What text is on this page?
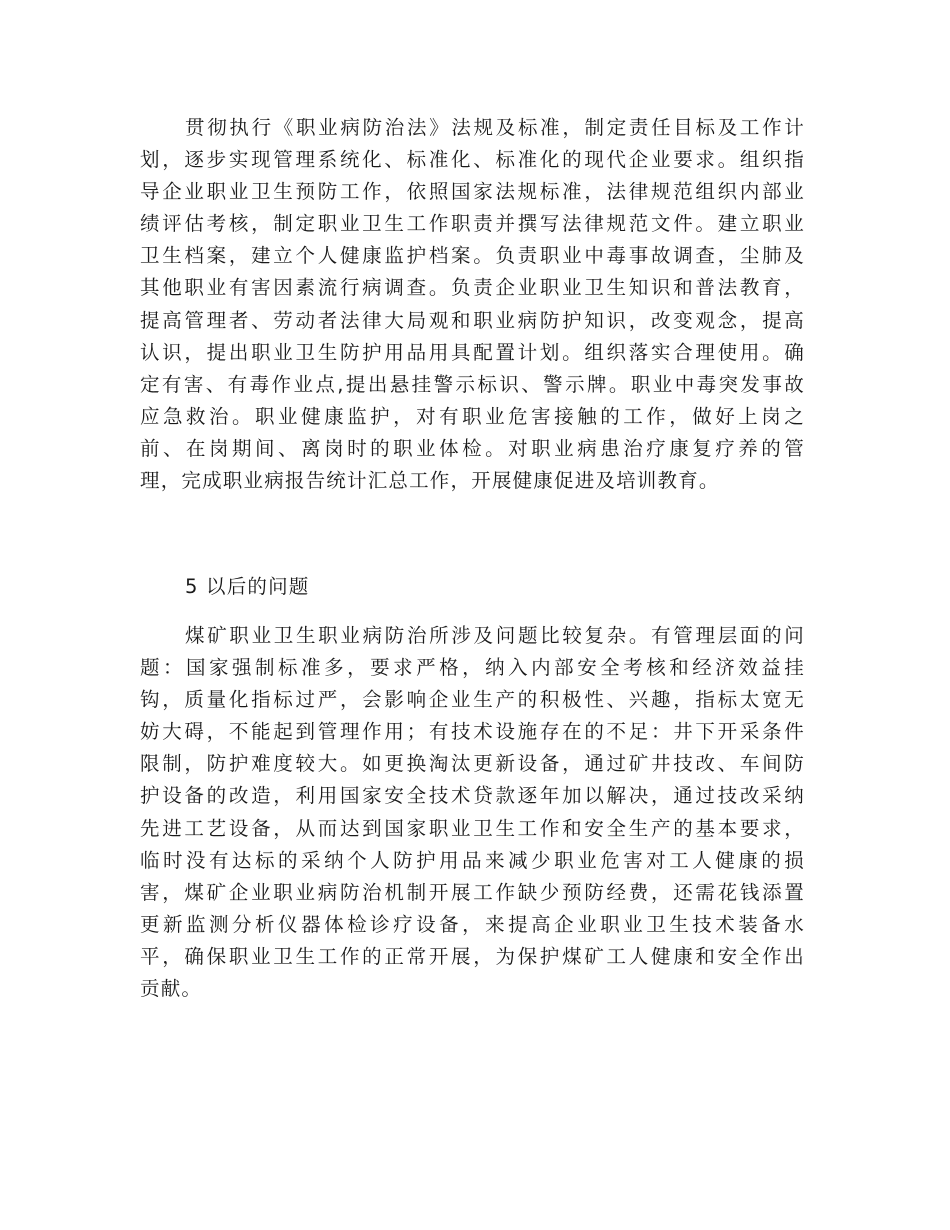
贯彻执行《职业病防治法》法规及标准，制定责任目标及工作计
划，逐步实现管理系统化、标准化、标准化的现代企业要求。组织指
导企业职业卫生预防工作，依照国家法规标准，法律规范组织内部业
绩评估考核，制定职业卫生工作职责并撰写法律规范文件。建立职业
卫生档案，建立个人健康监护档案。负责职业中毒事故调查，尘肺及
其他职业有害因素流行病调查。负责企业职业卫生知识和普法教育，
提高管理者、劳动者法律大局观和职业病防护知识，改变观念，提高
认识，提出职业卫生防护用品用具配置计划。组织落实合理使用。确
定有害、有毒作业点,提出悬挂警示标识、警示牌。职业中毒突发事故
应急救治。职业健康监护，对有职业危害接触的工作，做好上岗之
前、在岗期间、离岗时的职业体检。对职业病患治疗康复疗养的管
理，完成职业病报告统计汇总工作，开展健康促进及培训教育。
5 以后的问题
煤矿职业卫生职业病防治所涉及问题比较复杂。有管理层面的问
题：国家强制标准多，要求严格，纳入内部安全考核和经济效益挂
钩，质量化指标过严，会影响企业生产的积极性、兴趣，指标太宽无
妨大碍，不能起到管理作用；有技术设施存在的不足：井下开采条件
限制，防护难度较大。如更换淘汰更新设备，通过矿井技改、车间防
护设备的改造，利用国家安全技术贷款逐年加以解决，通过技改采纳
先进工艺设备，从而达到国家职业卫生工作和安全生产的基本要求，
临时没有达标的采纳个人防护用品来减少职业危害对工人健康的损
害，煤矿企业职业病防治机制开展工作缺少预防经费，还需花钱添置
更新监测分析仪器体检诊疗设备，来提高企业职业卫生技术装备水
平，确保职业卫生工作的正常开展，为保护煤矿工人健康和安全作出
贡献。
